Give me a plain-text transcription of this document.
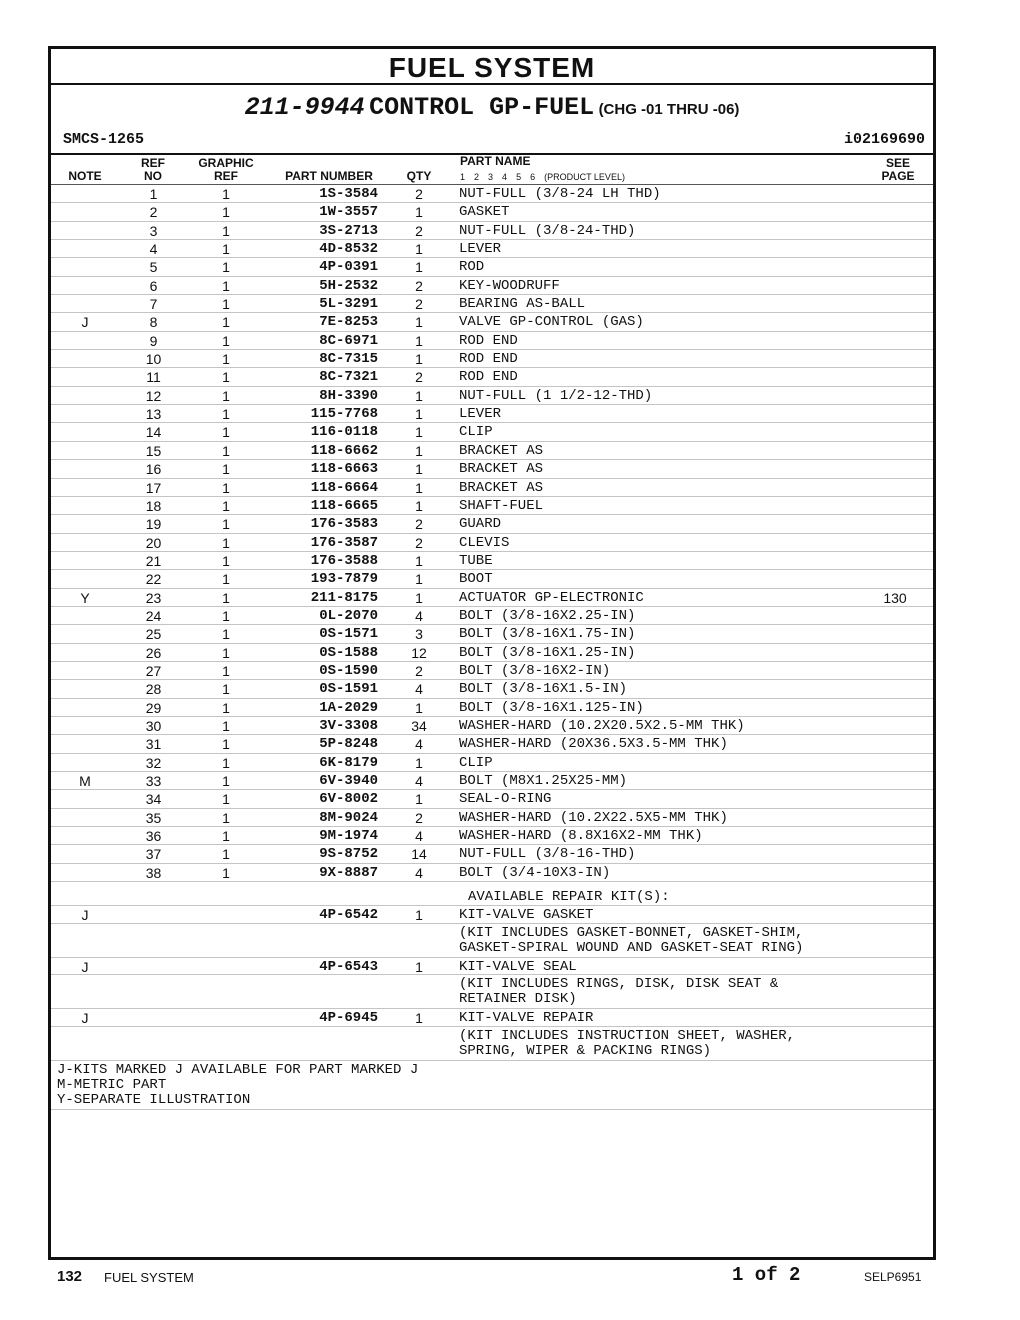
FUEL SYSTEM
211-9944 CONTROL GP-FUEL (CHG -01 THRU -06)
SMCS-1265	i02169690
NOTE
REF
NO
GRAPHIC
REF	PART NUMBER	QTY
PART NAME
1 2 3 4 5 6 (PRODUCT LEVEL)
SEE
PAGE
1	1	1S-3584	2	NUT-FULL (3/8-24 LH THD)
2	1	1W-3557	1	GASKET
3	1	3S-2713	2	NUT-FULL (3/8-24-THD)
4	1	4D-8532	1	LEVER
5	1	4P-0391	1	ROD
6	1	5H-2532	2	KEY-WOODRUFF
7	1	5L-3291	2	BEARING AS-BALL
J	8	1	7E-8253	1	VALVE GP-CONTROL (GAS)
9	1	8C-6971	1	ROD END
10	1	8C-7315	1	ROD END
11	1	8C-7321	2	ROD END
12	1	8H-3390	1	NUT-FULL (1 1/2-12-THD)
13	1	115-7768	1	LEVER
14	1	116-0118	1	CLIP
15	1	118-6662	1	BRACKET AS
16	1	118-6663	1	BRACKET AS
17	1	118-6664	1	BRACKET AS
18	1	118-6665	1	SHAFT-FUEL
19	1	176-3583	2	GUARD
20	1	176-3587	2	CLEVIS
21	1	176-3588	1	TUBE
22	1	193-7879	1	BOOT
Y	23	1	211-8175	1	ACTUATOR GP-ELECTRONIC	130
24	1	0L-2070	4	BOLT (3/8-16X2.25-IN)
25	1	0S-1571	3	BOLT (3/8-16X1.75-IN)
26	1	0S-1588	12	BOLT (3/8-16X1.25-IN)
27	1	0S-1590	2	BOLT (3/8-16X2-IN)
28	1	0S-1591	4	BOLT (3/8-16X1.5-IN)
29	1	1A-2029	1	BOLT (3/8-16X1.125-IN)
30	1	3V-3308	34	WASHER-HARD (10.2X20.5X2.5-MM THK)
31	1	5P-8248	4	WASHER-HARD (20X36.5X3.5-MM THK)
32	1	6K-8179	1	CLIP
M	33	1	6V-3940	4	BOLT (M8X1.25X25-MM)
34	1	6V-8002	1	SEAL-O-RING
35	1	8M-9024	2	WASHER-HARD (10.2X22.5X5-MM THK)
36	1	9M-1974	4	WASHER-HARD (8.8X16X2-MM THK)
37	1	9S-8752	14	NUT-FULL (3/8-16-THD)
38	1	9X-8887	4	BOLT (3/4-10X3-IN)
AVAILABLE REPAIR KIT(S):
J	4P-6542	1	KIT-VALVE GASKET
(KIT INCLUDES GASKET-BONNET, GASKET-SHIM,
GASKET-SPIRAL WOUND AND GASKET-SEAT RING)
J	4P-6543	1	KIT-VALVE SEAL
(KIT INCLUDES RINGS, DISK, DISK SEAT &
RETAINER DISK)
J	4P-6945	1	KIT-VALVE REPAIR
(KIT INCLUDES INSTRUCTION SHEET, WASHER,
SPRING, WIPER & PACKING RINGS)
J-KITS MARKED J AVAILABLE FOR PART MARKED J
M-METRIC PART
Y-SEPARATE ILLUSTRATION
132 FUEL SYSTEM	1 of 2	SELP6951
